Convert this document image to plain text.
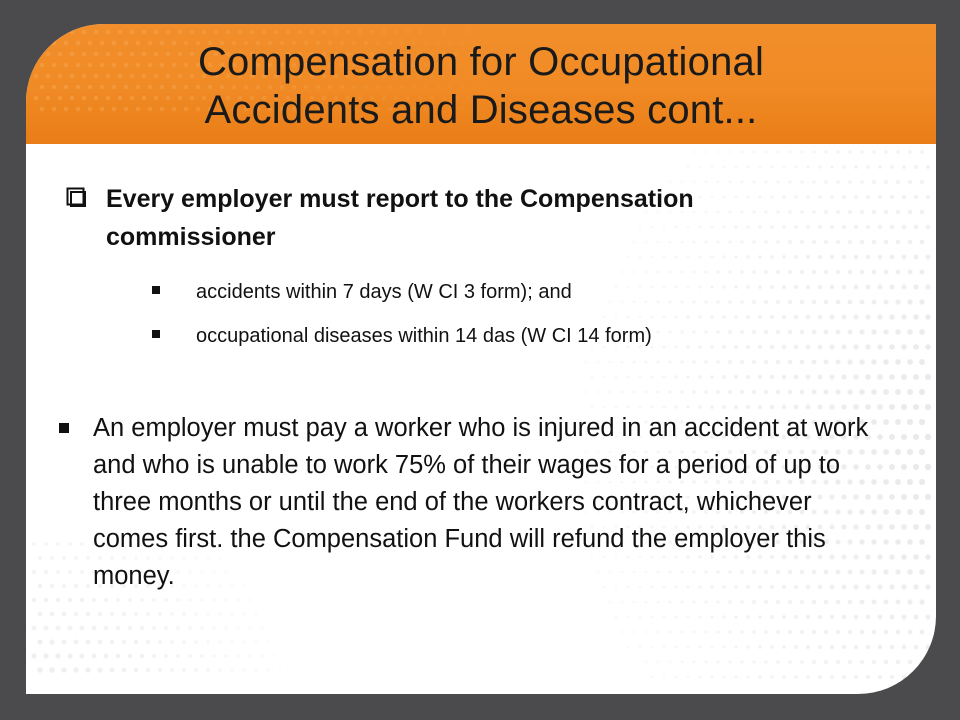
Compensation for Occupational
Accidents and Diseases cont...
Every employer must report to the Compensation commissioner
accidents within 7 days (W CI 3 form); and
occupational diseases within 14 das (W CI 14 form)
An employer must pay a worker who is injured in an accident at work and who is unable to work 75% of their wages for a period of up to three months or until the end of the workers contract, whichever comes first. the Compensation Fund will refund the employer this money.
20
